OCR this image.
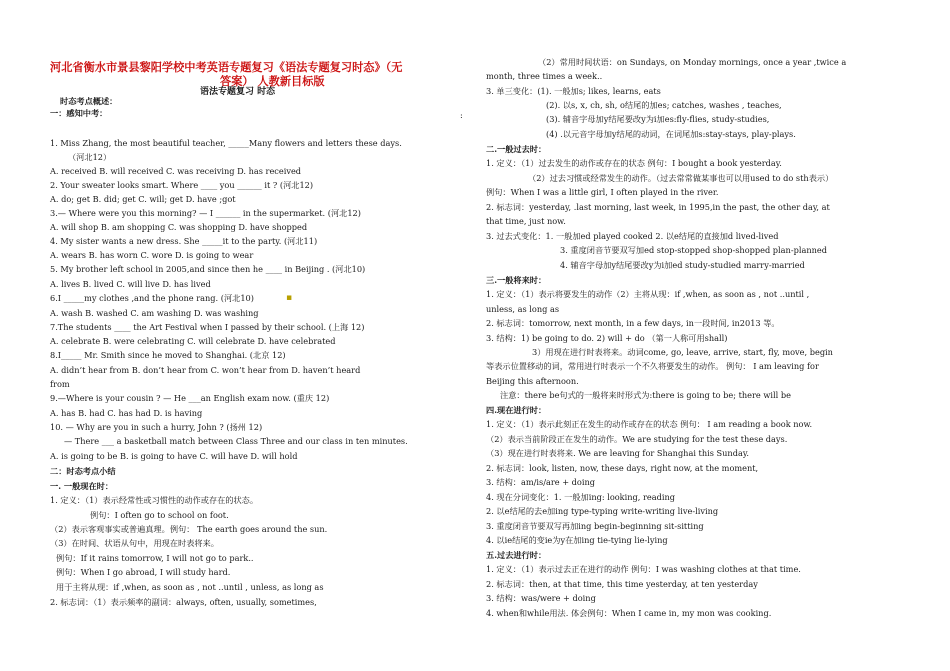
河北省衡水市景县黎阳学校中考英语专题复习《语法专题复习时态》（无
答案） 人教新目标版
语法专题复习 时态
时态考点概述：
一：感知中考：	:
1. Miss Zhang, the most beautiful teacher, _____Many flowers and letters these days.
（河北12）
A. received B. will received C. was receiving D. has received
2. Your sweater looks smart. Where ____ you ______ it ? (河北12)
A. do; get B. did; get C. will; get D. have ;got
3.— Where were you this morning? — I ______ in the supermarket. (河北12)
A. will shop B. am shopping C. was shopping D. have shopped
4. My sister wants a new dress. She _____it to the party. (河北11)
A. wears B. has worn C. wore D. is going to wear
5. My brother left school in 2005,and since then he ____ in Beijing . (河北10)
A. lives B. lived C. will live D. has lived
6.I _____my clothes ,and the phone rang. (河北10)
A. wash B. washed C. am washing D. was washing
7.The students ____ the Art Festival when I passed by their school. (上海 12)
A. celebrate B. were celebrating C. will celebrate D. have celebrated
8.I_____ Mr. Smith since he moved to Shanghai. (北京 12)
A. didn’t hear from B. don’t hear from C. won’t hear from D. haven’t heard
from
9.—Where is your cousin ? — He ___an English exam now. (重庆 12)
A. has B. had C. has had D. is having
10. — Why are you in such a hurry, John ? (扬州 12)
— There ___ a basketball match between Class Three and our class in ten minutes.
A. is going to be B. is going to have C. will have D. will hold
二：时态考点小结
一. 一般现在时：
1. 定义：（1）表示经常性或习惯性的动作或存在的状态。
例句：I often go to school on foot.
（2）表示客观事实或普遍真理。例句： The earth goes around the sun.
（3）在时间、状语从句中，用现在时表将来。
例句：If it rains tomorrow, I will not go to park..
例句：When I go abroad, I will study hard.
用于主将从现：if ,when, as soon as , not ..until , unless, as long as
2. 标志词：（1）表示频率的副词：always, often, usually, sometimes,
（2）常用时间状语：on Sundays, on Monday mornings, once a year ,twice a
month, three times a week..
3. 单三变化：(1). 一般加s; likes, learns, eats
(2). 以s, x, ch, sh, o结尾的加es; catches, washes , teaches,
(3). 辅音字母加y结尾要改y为i加es:fly-flies, study-studies,
(4) .以元音字母加y结尾的动词，在词尾加s:stay-stays, play-plays.
二.一般过去时：
1. 定义：（1）过去发生的动作或存在的状态 例句：I bought a book yesterday.
（2）过去习惯或经常发生的动作。（过去常常做某事也可以用used to do sth表示）
例句：When I was a little girl, I often played in the river.
2. 标志词：yesterday, .last morning, last week, in 1995,in the past, the other day, at
that time, just now.
3. 过去式变化：1. 一般加ed played cooked 2. 以e结尾的直接加d lived-lived
3. 重度闭音节要双写加ed stop-stopped shop-shopped plan-planned
4. 辅音字母加y结尾要改y为i加ed study-studied marry-married
三.一般将来时：
1. 定义：（1）表示将要发生的动作（2）主将从现：if ,when, as soon as , not ..until ,
unless, as long as
2. 标志词：tomorrow, next month, in a few days, in一段时间, in2013 等。
3. 结构：1) be going to do. 2) will + do （第一人称可用shall)
3）用现在进行时表将来。动词come, go, leave, arrive, start, fly, move, begin
等表示位置移动的词，常用进行时表示一个不久将要发生的动作。 例句： I am leaving for
Beijing this afternoon.
注意：there be句式的一般将来时形式为:there is going to be; there will be
四.现在进行时：
1. 定义：（1）表示此刻正在发生的动作或存在的状态 例句： I am reading a book now.
（2）表示当前阶段正在发生的动作。We are studying for the test these days.
（3）现在进行时表将来. We are leaving for Shanghai this Sunday.
2. 标志词：look, listen, now, these days, right now, at the moment,
3. 结构：am/is/are + doing
4. 现在分词变化：1. 一般加ing: looking, reading
2. 以e结尾的去e加ing type-typing write-writing live-living
3. 重度闭音节要双写再加ing begin-beginning sit-sitting
4. 以ie结尾的变ie为y在加ing tie-tying lie-lying
五.过去进行时：
1. 定义：（1）表示过去正在进行的动作 例句：I was washing clothes at that time.
2. 标志词：then, at that time, this time yesterday, at ten yesterday
3. 结构：was/were + doing
4. when和while用法. 体会例句：When I came in, my mon was cooking.
▪
